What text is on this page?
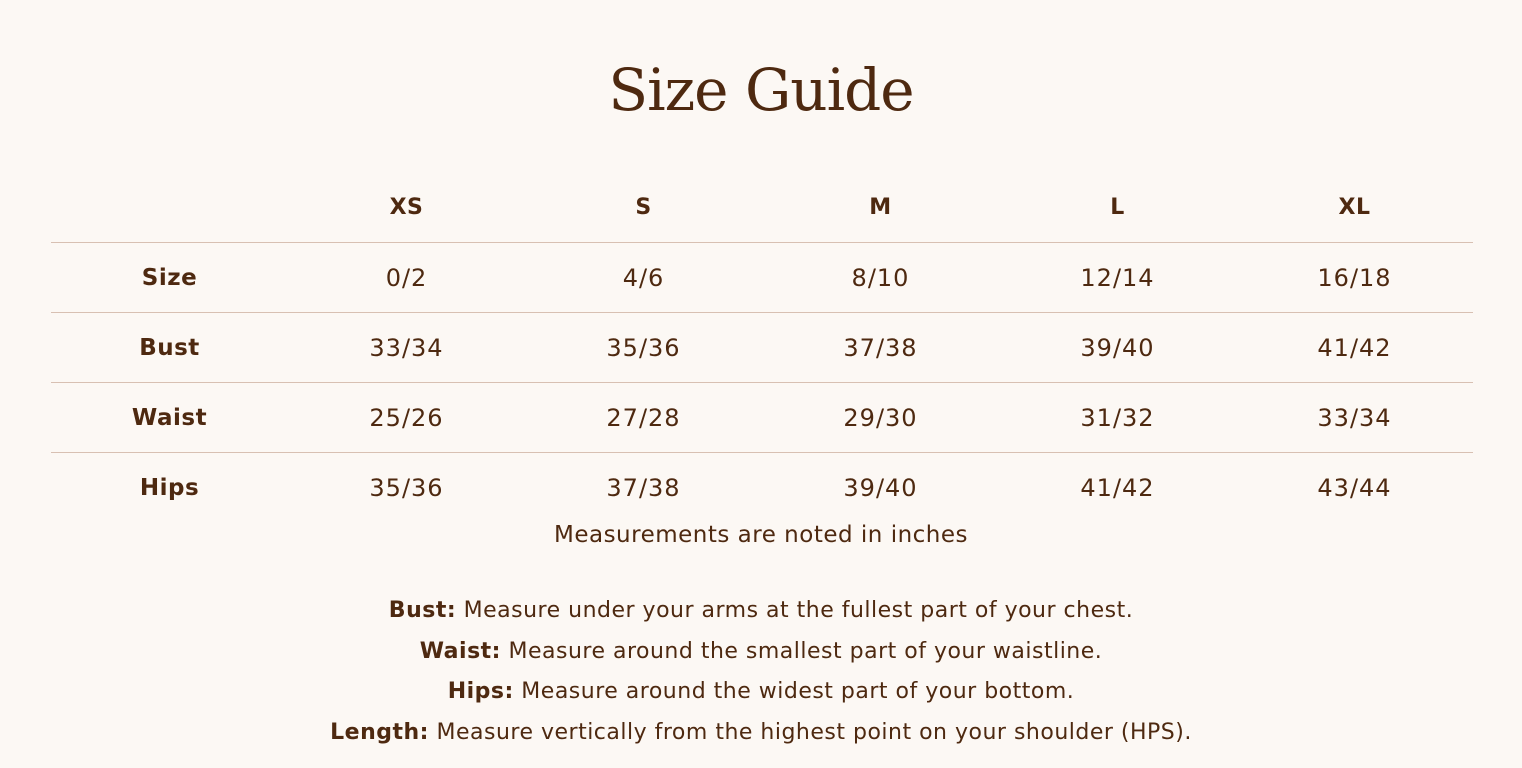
Size Guide
	XS	S	M	L	XL
Size	0/2	4/6	8/10	12/14	16/18
Bust	33/34	35/36	37/38	39/40	41/42
Waist	25/26	27/28	29/30	31/32	33/34
Hips	35/36	37/38	39/40	41/42	43/44
Measurements are noted in inches
Bust: Measure under your arms at the fullest part of your chest.
Waist: Measure around the smallest part of your waistline.
Hips: Measure around the widest part of your bottom.
Length: Measure vertically from the highest point on your shoulder (HPS).
